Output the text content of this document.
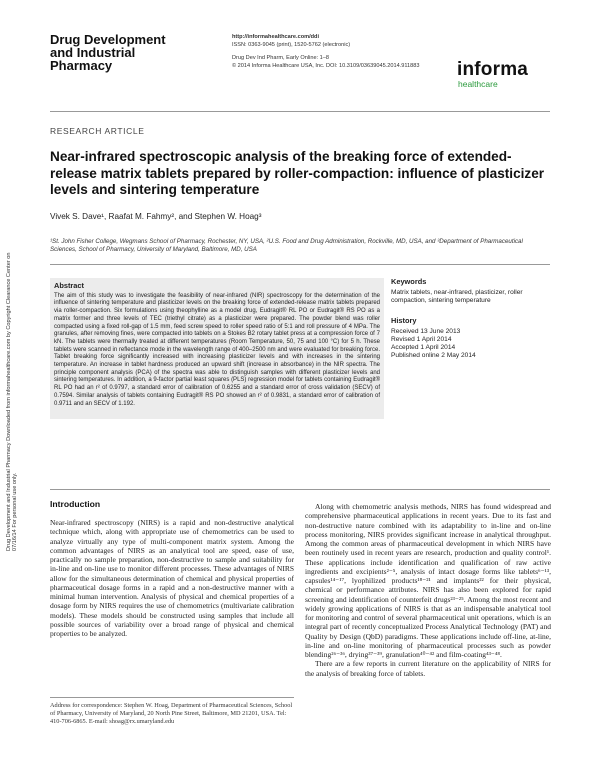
Drug Development and Industrial Pharmacy Downloaded from informahealthcare.com by Copyright Clearance Center on 07/16/14 For personal use only.
Drug Development and Industrial Pharmacy
http://informahealthcare.com/ddi
ISSN: 0363-9045 (print), 1520-5762 (electronic)
Drug Dev Ind Pharm, Early Online: 1–8
© 2014 Informa Healthcare USA, Inc. DOI: 10.3109/03639045.2014.911883 informa
healthcare
RESEARCH ARTICLE
Near-infrared spectroscopic analysis of the breaking force of extended-release matrix tablets prepared by roller-compaction: influence of plasticizer levels and sintering temperature
Vivek S. Dave¹, Raafat M. Fahmy², and Stephen W. Hoag³
¹St. John Fisher College, Wegmans School of Pharmacy, Rochester, NY, USA, ²U.S. Food and Drug Administration, Rockville, MD, USA, and ³Department of Pharmaceutical Sciences, School of Pharmacy, University of Maryland, Baltimore, MD, USA
Abstract
The aim of this study was to investigate the feasibility of near-infrared (NIR) spectroscopy for the determination of the influence of sintering temperature and plasticizer levels on the breaking force of extended-release matrix tablets prepared via roller-compaction. Six formulations using theophylline as a model drug, Eudragit® RL PO or Eudragit® RS PO as a matrix former and three levels of TEC (triethyl citrate) as a plasticizer were prepared. The powder blend was roller compacted using a fixed roll-gap of 1.5 mm, feed screw speed to roller speed ratio of 5:1 and roll pressure of 4 MPa. The granules, after removing fines, were compacted into tablets on a Stokes B2 rotary tablet press at a compression force of 7 kN. The tablets were thermally treated at different temperatures (Room Temperature, 50, 75 and 100 °C) for 5 h. These tablets were scanned in reflectance mode in the wavelength range of 400–2500 nm and were evaluated for breaking force. Tablet breaking force significantly increased with increasing plasticizer levels and with increases in the sintering temperature. An increase in tablet hardness produced an upward shift (increase in absorbance) in the NIR spectra. The principle component analysis (PCA) of the spectra was able to distinguish samples with different plasticizer levels and sintering temperatures. In addition, a 9-factor partial least squares (PLS) regression model for tablets containing Eudragit® RL PO had an r² of 0.9797, a standard error of calibration of 0.6255 and a standard error of cross validation (SECV) of 0.7594. Similar analysis of tablets containing Eudragit® RS PO showed an r² of 0.9831, a standard error of calibration of 0.9711 and an SECV of 1.192.
Keywords
Matrix tablets, near-infrared, plasticizer, roller compaction, sintering temperature
History
Received 13 June 2013
Revised 1 April 2014
Accepted 1 April 2014
Published online 2 May 2014
Introduction
Near-infrared spectroscopy (NIRS) is a rapid and non-destructive analytical technique which, along with appropriate use of chemometrics can be used to analyze virtually any type of multi-component matrix system. Among the common advantages of NIRS as an analytical tool are speed, ease of use, practically no sample preparation, non-destructive to sample and suitability for in-line and on-line use to monitor different processes. These advantages of NIRS allow for the simultaneous determination of chemical and physical properties of pharmaceutical dosage forms in a rapid and a non-destructive manner with a minimal human intervention. Analysis of physical and chemical properties of a dosage form by NIRS requires the use of chemometrics (multivariate calibration models). These models should be constructed using samples that include all possible sources of variability over a broad range of physical and chemical properties to be analyzed.
Along with chemometric analysis methods, NIRS has found widespread and comprehensive pharmaceutical applications in recent years. Due to its fast and non-destructive nature combined with its adaptability to in-line and on-line process monitoring, NIRS provides significant increase in analytical throughput. Among the common areas of pharmaceutical development in which NIRS have been routinely used in recent years are research, production and quality control¹. These applications include identification and qualification of raw active ingredients and excipients²⁻⁵, analysis of intact dosage forms like tablets⁶⁻¹³, capsules¹⁴⁻¹⁷, lyophilized products¹⁸⁻²¹ and implants²² for their physical, chemical or performance attributes. NIRS has also been explored for rapid screening and identification of counterfeit drugs²³⁻²⁵. Among the most recent and widely growing applications of NIRS is that as an indispensable analytical tool for monitoring and control of several pharmaceutical unit operations, which is an integral part of recently conceptualized Process Analytical Technology (PAT) and Quality by Design (QbD) paradigms. These applications include off-line, at-line, in-line and on-line monitoring of pharmaceutical processes such as powder blending²⁶⁻³⁶, drying³⁷⁻³⁹, granulation⁴⁰⁻⁴² and film-coating⁴³⁻⁴⁸.
There are a few reports in current literature on the applicability of NIRS for the analysis of breaking force of tablets.
Address for correspondence: Stephen W. Hoag, Department of Pharmaceutical Sciences, School of Pharmacy, University of Maryland, 20 North Pine Street, Baltimore, MD 21201, USA. Tel: 410-706-6865. E-mail: shoag@rx.umaryland.edu
